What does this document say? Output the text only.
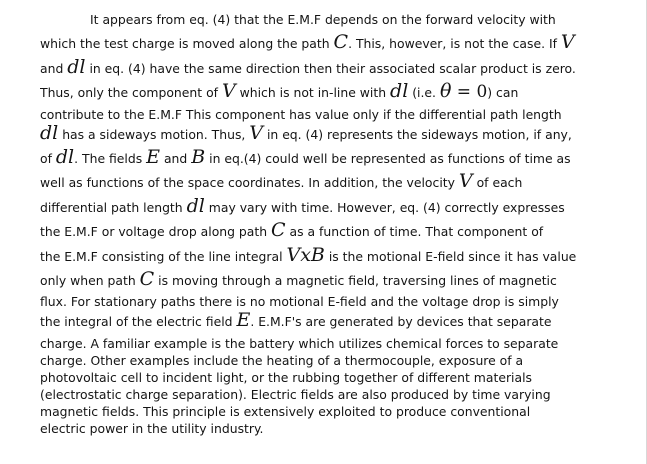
It appears from eq. (4) that the E.M.F depends on the forward velocity with
which the test charge is moved along the path C. This, however, is not the case. If V
and dl in eq. (4) have the same direction then their associated scalar product is zero.
Thus, only the component of V which is not in-line with dl (i.e. θ = 0) can
contribute to the E.M.F This component has value only if the differential path length
dl has a sideways motion. Thus, V in eq. (4) represents the sideways motion, if any,
of dl. The fields E and B in eq.(4) could well be represented as functions of time as
well as functions of the space coordinates. In addition, the velocity V of each
differential path length dl may vary with time. However, eq. (4) correctly expresses
the E.M.F or voltage drop along path C as a function of time. That component of
the E.M.F consisting of the line integral VxB is the motional E-field since it has value
only when path C is moving through a magnetic field, traversing lines of magnetic
flux. For stationary paths there is no motional E-field and the voltage drop is simply
the integral of the electric field E. E.M.F's are generated by devices that separate
charge. A familiar example is the battery which utilizes chemical forces to separate
charge. Other examples include the heating of a thermocouple, exposure of a
photovoltaic cell to incident light, or the rubbing together of different materials
(electrostatic charge separation). Electric fields are also produced by time varying
magnetic fields. This principle is extensively exploited to produce conventional
electric power in the utility industry.
